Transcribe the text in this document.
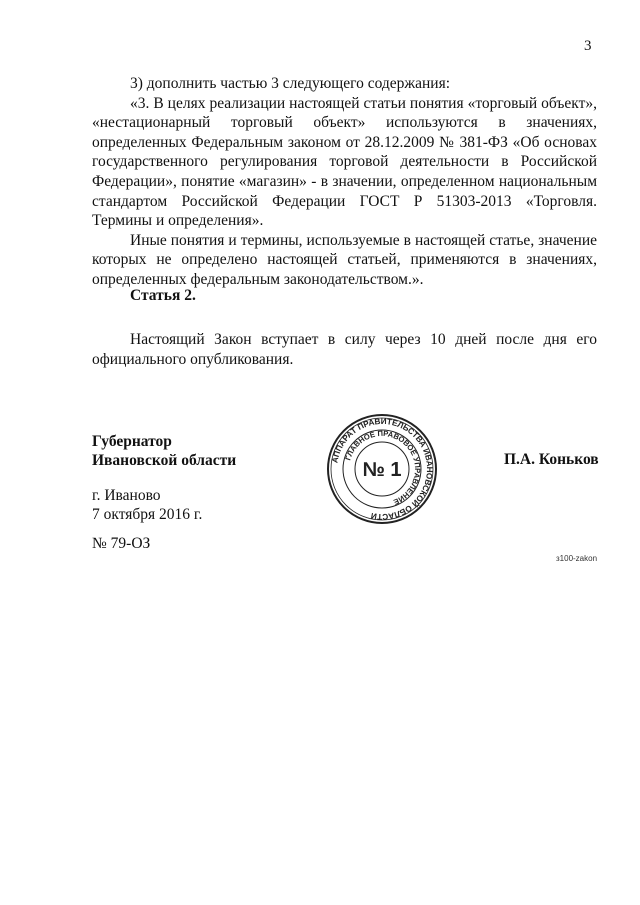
3

3) дополнить частью 3 следующего содержания:

«3. В целях реализации настоящей статьи понятия «торговый объект», «нестационарный торговый объект» используются в значениях, определенных Федеральным законом от 28.12.2009 № 381-ФЗ «Об основах государственного регулирования торговой деятельности в Российской Федерации», понятие «магазин» - в значении, определенном национальным стандартом Российской Федерации ГОСТ Р 51303-2013 «Торговля. Термины и определения».

Иные понятия и термины, используемые в настоящей статье, значение которых не определено настоящей статьей, применяются в значениях, определенных федеральным законодательством.».

Статья 2.

Настоящий Закон вступает в силу через 10 дней после дня его официального опубликования.

Губернатор
Ивановской области	П.А. Коньков
г. Иваново
7 октября 2016 г.
№ 79-ОЗ
з100-zakon
АППАРАТ ПРАВИТЕЛЬСТВА ИВАНОВСКОЙ ОБЛАСТИ
ГЛАВНОЕ ПРАВОВОЕ УПРАВЛЕНИЕ
№ 1
